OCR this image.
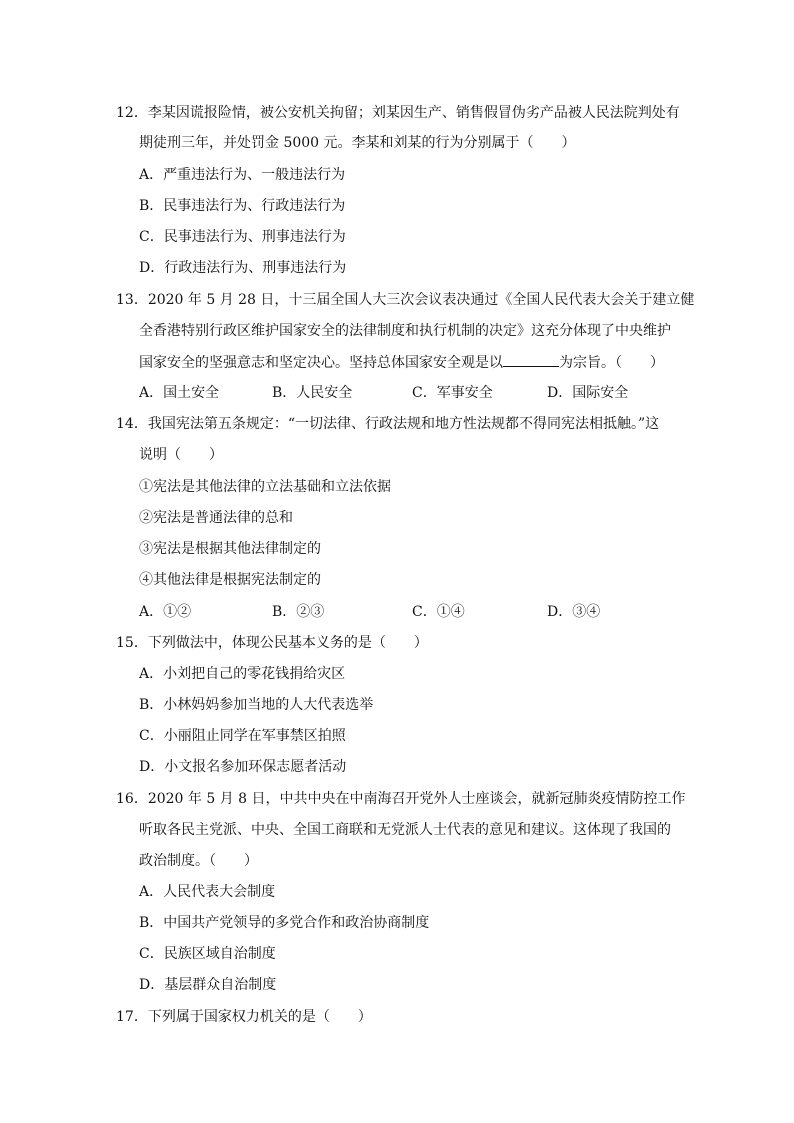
12．李某因谎报险情，被公安机关拘留；刘某因生产、销售假冒伪劣产品被人民法院判处有
期徒刑三年，并处罚金 5000 元。李某和刘某的行为分别属于（　　）
A．严重违法行为、一般违法行为
B．民事违法行为、行政违法行为
C．民事违法行为、刑事违法行为
D．行政违法行为、刑事违法行为
13．2020 年 5 月 28 日，十三届全国人大三次会议表决通过《全国人民代表大会关于建立健
全香港特别行政区维护国家安全的法律制度和执行机制的决定》这充分体现了中央维护
国家安全的坚强意志和坚定决心。坚持总体国家安全观是以	为宗旨。（　　）
A．国土安全	B．人民安全	C．军事安全	D．国际安全
14．我国宪法第五条规定：“一切法律、行政法规和地方性法规都不得同宪法相抵触。”这
说明（　　）
①宪法是其他法律的立法基础和立法依据
②宪法是普通法律的总和
③宪法是根据其他法律制定的
④其他法律是根据宪法制定的
A．①②	B．②③	C．①④	D．③④
15．下列做法中，体现公民基本义务的是（　　）
A．小刘把自己的零花钱捐给灾区
B．小林妈妈参加当地的人大代表选举
C．小丽阻止同学在军事禁区拍照
D．小文报名参加环保志愿者活动
16．2020 年 5 月 8 日，中共中央在中南海召开党外人士座谈会，就新冠肺炎疫情防控工作
听取各民主党派、中央、全国工商联和无党派人士代表的意见和建议。这体现了我国的
政治制度。（　　）
A．人民代表大会制度
B．中国共产党领导的多党合作和政治协商制度
C．民族区域自治制度
D．基层群众自治制度
17．下列属于国家权力机关的是（　　）
